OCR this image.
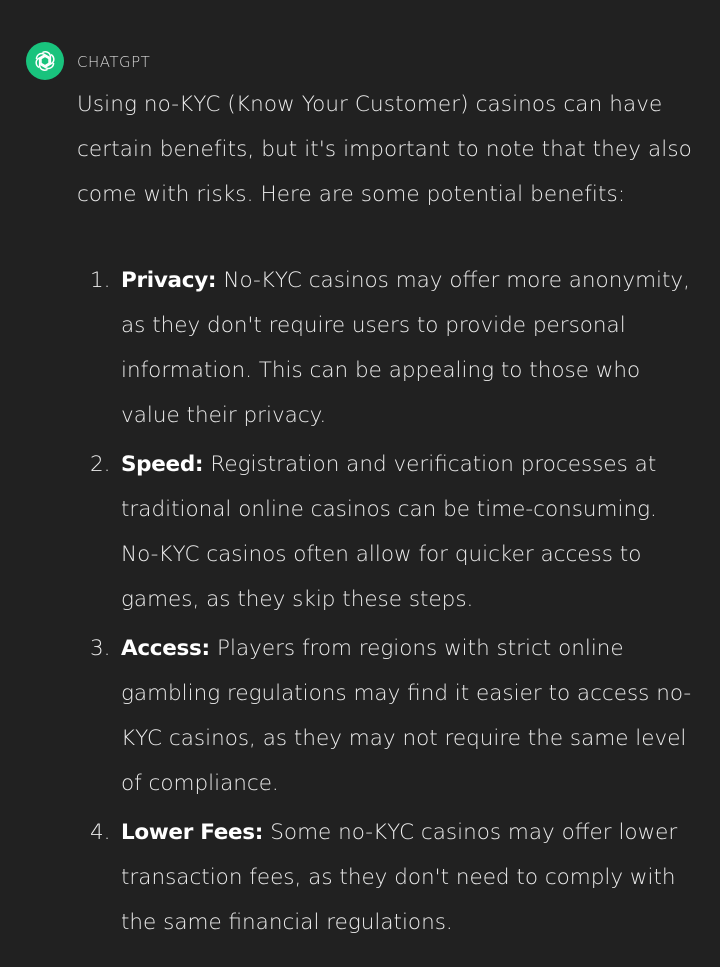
CHATGPT

Using no-KYC (Know Your Customer) casinos can have certain benefits, but it's important to note that they also come with risks. Here are some potential benefits:

1. Privacy: No-KYC casinos may offer more anonymity, as they don't require users to provide personal information. This can be appealing to those who value their privacy.
2. Speed: Registration and verification processes at traditional online casinos can be time-consuming. No-KYC casinos often allow for quicker access to games, as they skip these steps.
3. Access: Players from regions with strict online gambling regulations may find it easier to access no-KYC casinos, as they may not require the same level of compliance.
4. Lower Fees: Some no-KYC casinos may offer lower transaction fees, as they don't need to comply with the same financial regulations.
